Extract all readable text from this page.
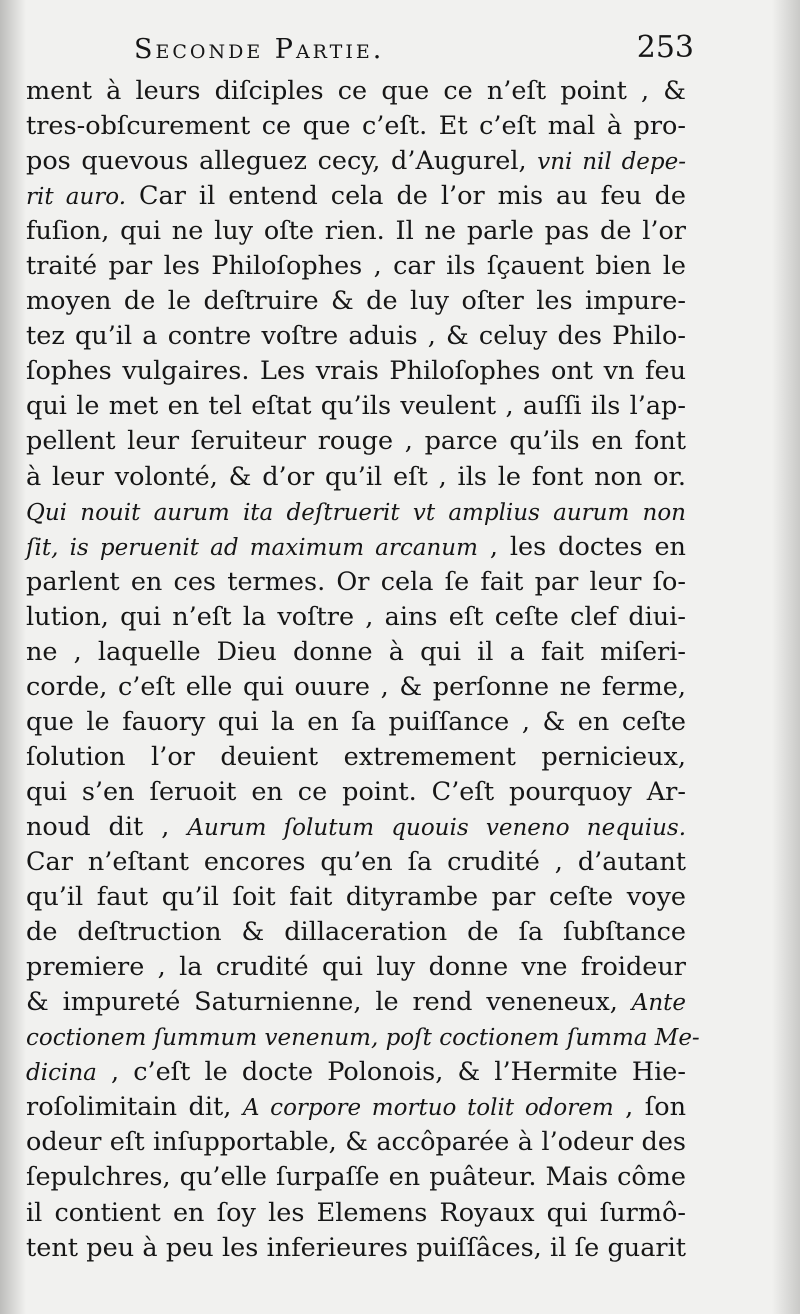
Seconde Partie.	253
ment à leurs diſciples ce que ce n’eſt point , &
tres-obſcurement ce que c’eſt. Et c’eſt mal à pro-
pos quevous alleguez cecy, d’Augurel, vni nil depe-
rit auro. Car il entend cela de l’or mis au feu de
fuſion, qui ne luy oſte rien. Il ne parle pas de l’or
traité par les Philoſophes , car ils ſçauent bien le
moyen de le deſtruire & de luy oſter les impure-
tez qu’il a contre voſtre aduis , & celuy des Philo-
ſophes vulgaires. Les vrais Philoſophes ont vn feu
qui le met en tel eſtat qu’ils veulent , auſſi ils l’ap-
pellent leur ſeruiteur rouge , parce qu’ils en font
à leur volonté, & d’or qu’il eſt , ils le font non or.
Qui nouit aurum ita deſtruerit vt amplius aurum non
ſit, is peruenit ad maximum arcanum , les doctes en
parlent en ces termes. Or cela ſe fait par leur ſo-
lution, qui n’eſt la voſtre , ains eſt ceſte clef diui-
ne , laquelle Dieu donne à qui il a fait miſeri-
corde, c’eſt elle qui ouure , & perſonne ne ferme,
que le fauory qui la en ſa puiſſance , & en ceſte
ſolution l’or deuient extremement pernicieux,
qui s’en ſeruoit en ce point. C’eſt pourquoy Ar-
noud dit , Aurum ſolutum quouis veneno nequius.
Car n’eſtant encores qu’en ſa crudité , d’autant
qu’il faut qu’il ſoit fait dityrambe par ceſte voye
de deſtruction & dillaceration de ſa ſubſtance
premiere , la crudité qui luy donne vne froideur
& impureté Saturnienne, le rend veneneux, Ante
coctionem ſummum venenum, poſt coctionem ſumma Me-
dicina , c’eſt le docte Polonois, & l’Hermite Hie-
roſolimitain dit, A corpore mortuo tolit odorem , ſon
odeur eſt inſupportable, & accôparée à l’odeur des
ſepulchres, qu’elle ſurpaſſe en puâteur. Mais côme
il contient en ſoy les Elemens Royaux qui ſurmô-
tent peu à peu les inferieures puiſſâces, il ſe guarit
